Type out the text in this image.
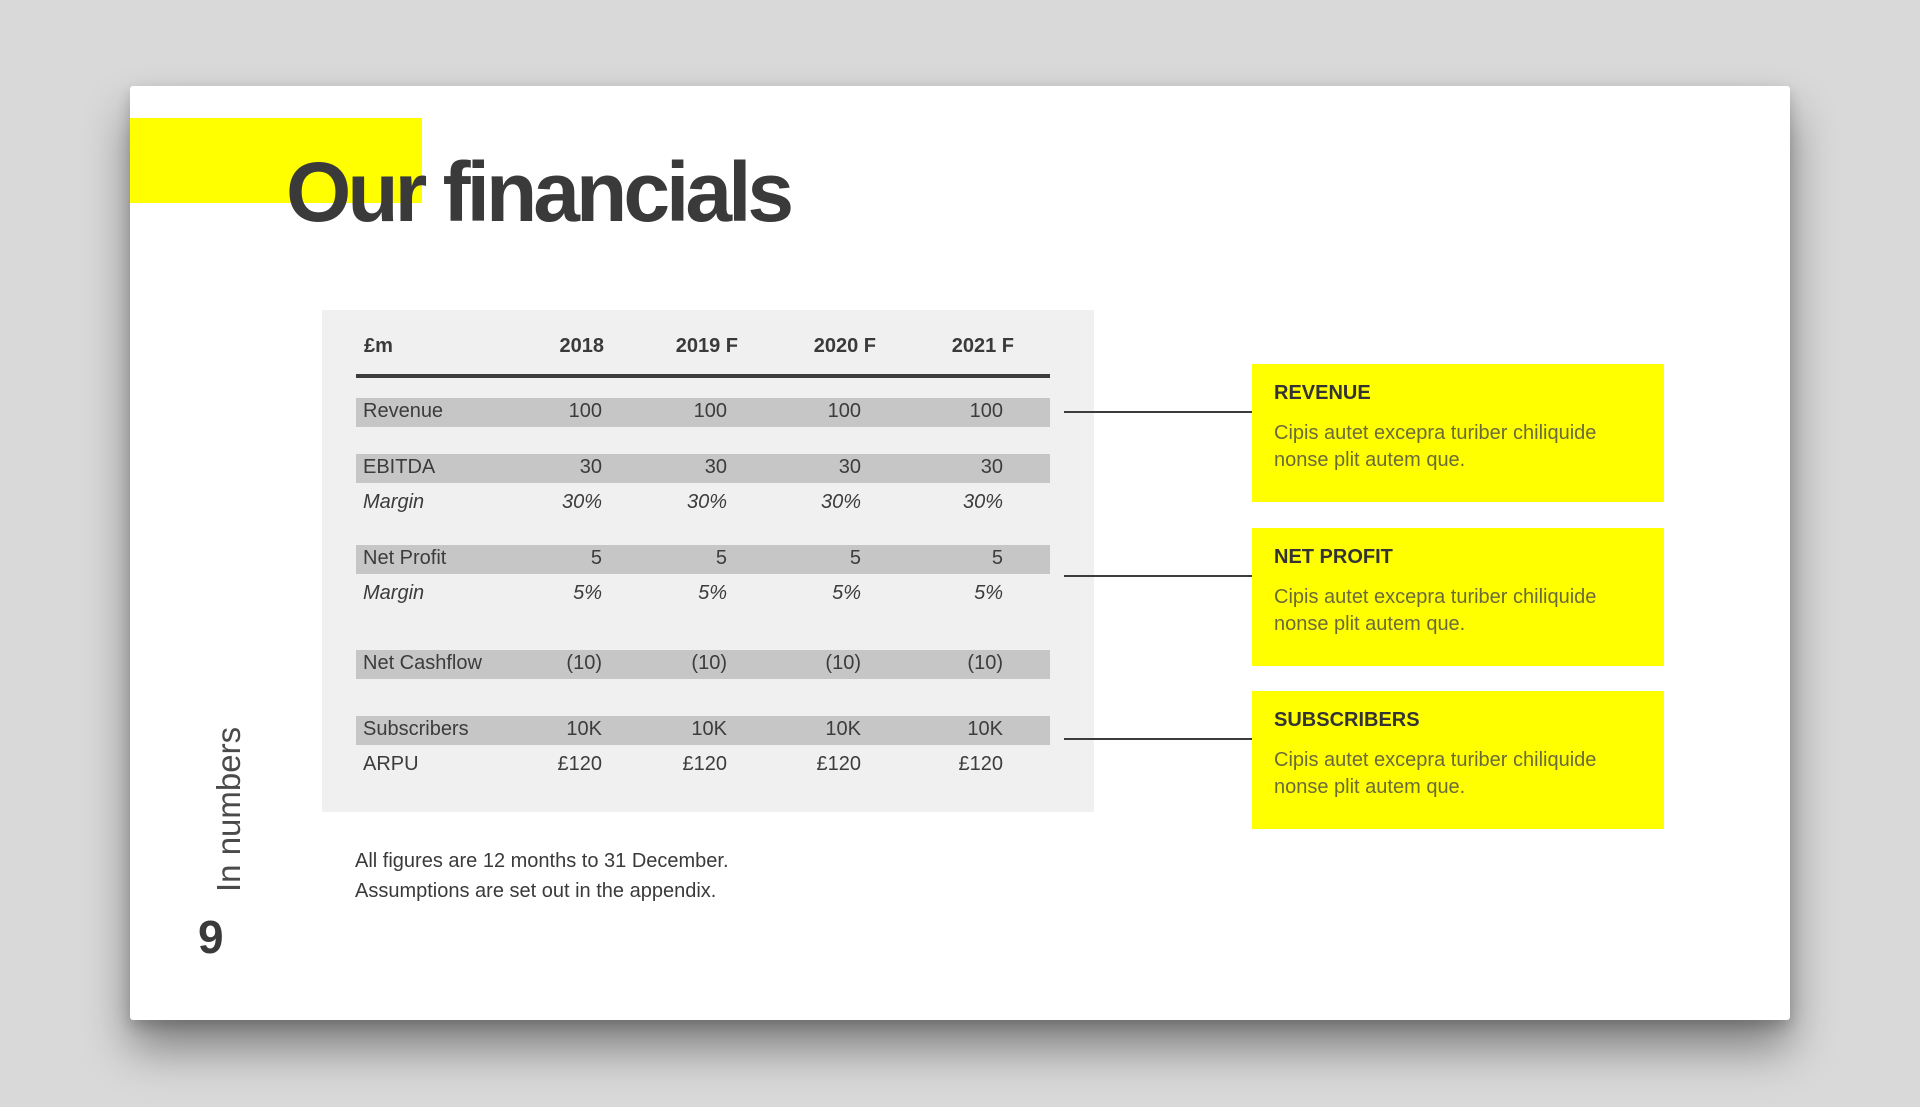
Our financials
In numbers
9
£m	2018	2019 F	2020 F	2021 F
Revenue	100	100	100	100
EBITDA	30	30	30	30
Margin	30%	30%	30%	30%
Net Profit	5	5	5	5
Margin	5%	5%	5%	5%
Net Cashflow	(10)	(10)	(10)	(10)
Subscribers	10K	10K	10K	10K
ARPU	£120	£120	£120	£120
REVENUE
Cipis autet excepra turiber chiliquide nonse plit autem que.
NET PROFIT
Cipis autet excepra turiber chiliquide nonse plit autem que.
SUBSCRIBERS
Cipis autet excepra turiber chiliquide nonse plit autem que.
All figures are 12 months to 31 December.
Assumptions are set out in the appendix.
